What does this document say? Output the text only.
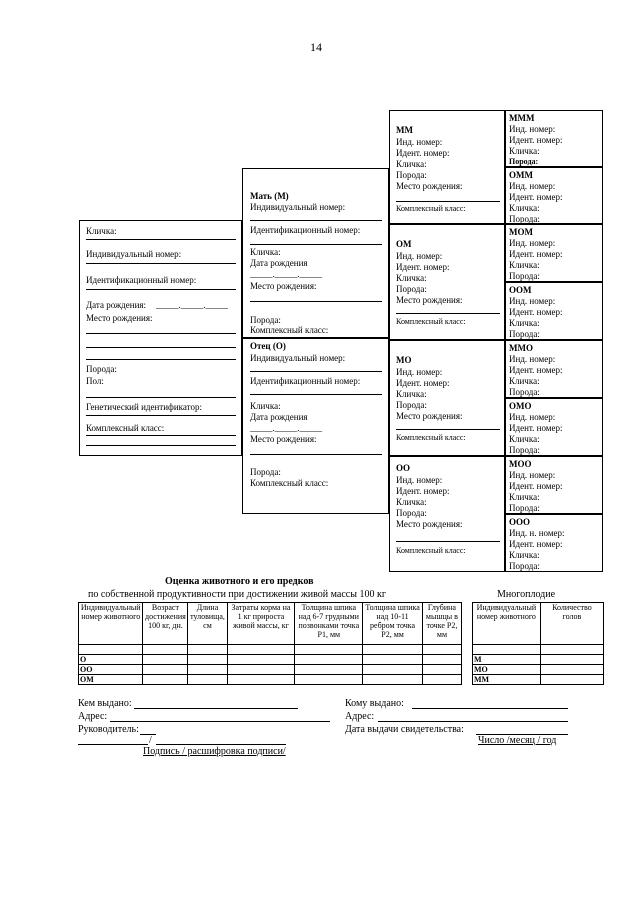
14
Кличка:
Индивидуальный номер:
Идентификационный номер:
Дата рождения: _____._____._____
Место рождения:
Порода:
Пол:
Генетический идентификатор:
Комплексный класс:
Мать (М)
Индивидуальный номер:
Идентификационный номер:
Кличка:
Дата рождения
_____._____._____
Место рождения:
Порода:
Комплексный класс:
Отец (О)
Индивидуальный номер:
Идентификационный номер:
Кличка:
Дата рождения
_____._____._____
Место рождения:
Порода:
Комплексный класс:
ММ
Инд. номер:
Идент. номер:
Кличка:
Порода:
Место рождения:
Комплексный класс:
ОМ
Инд. номер:
Идент. номер:
Кличка:
Порода:
Место рождения:
Комплексный класс:
МО
Инд. номер:
Идент. номер:
Кличка:
Порода:
Место рождения:
Комплексный класс:
ОО
Инд. номер:
Идент. номер:
Кличка:
Порода:
Место рождения:
Комплексный класс:
МММ
Инд. номер:
Идент. номер:
Кличка:
Порода:
ОММ
Инд. номер:
Идент. номер:
Кличка:
Порода:
МОМ
Инд. номер:
Идент. номер:
Кличка:
Порода:
ООМ
Инд. номер:
Идент. номер:
Кличка:
Порода:
ММО
Инд. номер:
Идент. номер:
Кличка:
Порода:
ОМО
Инд. номер:
Идент. номер:
Кличка:
Порода:
МОО
Инд. номер:
Идент. номер:
Кличка:
Порода:
ООО
Инд. н. номер:
Идент. номер:
Кличка:
Порода:
Оценка животного и его предков
по собственной продуктивности при достижении живой массы 100 кг	Многоплодие
Индивидуальный номер животного	Возраст достижения 100 кг, дн.	Длина туловища, см	Затраты корма на 1 кг прироста живой массы, кг	Толщина шпика над 6-7 грудными позвонками точка P1, мм	Толщина шпика над 10-11 ребром точка P2, мм	Глубина мышцы в точке P2, мм

О						
ОО						
ОМ						
Индивидуальный номер животного	Количество голов

М	
МО	
ММ	
Кем выдано:
Адрес:
Руководитель:
/
Подпись / расшифровка подписи/
Кому выдано:
Адрес:
Дата выдачи свидетельства:
Число /месяц / год
